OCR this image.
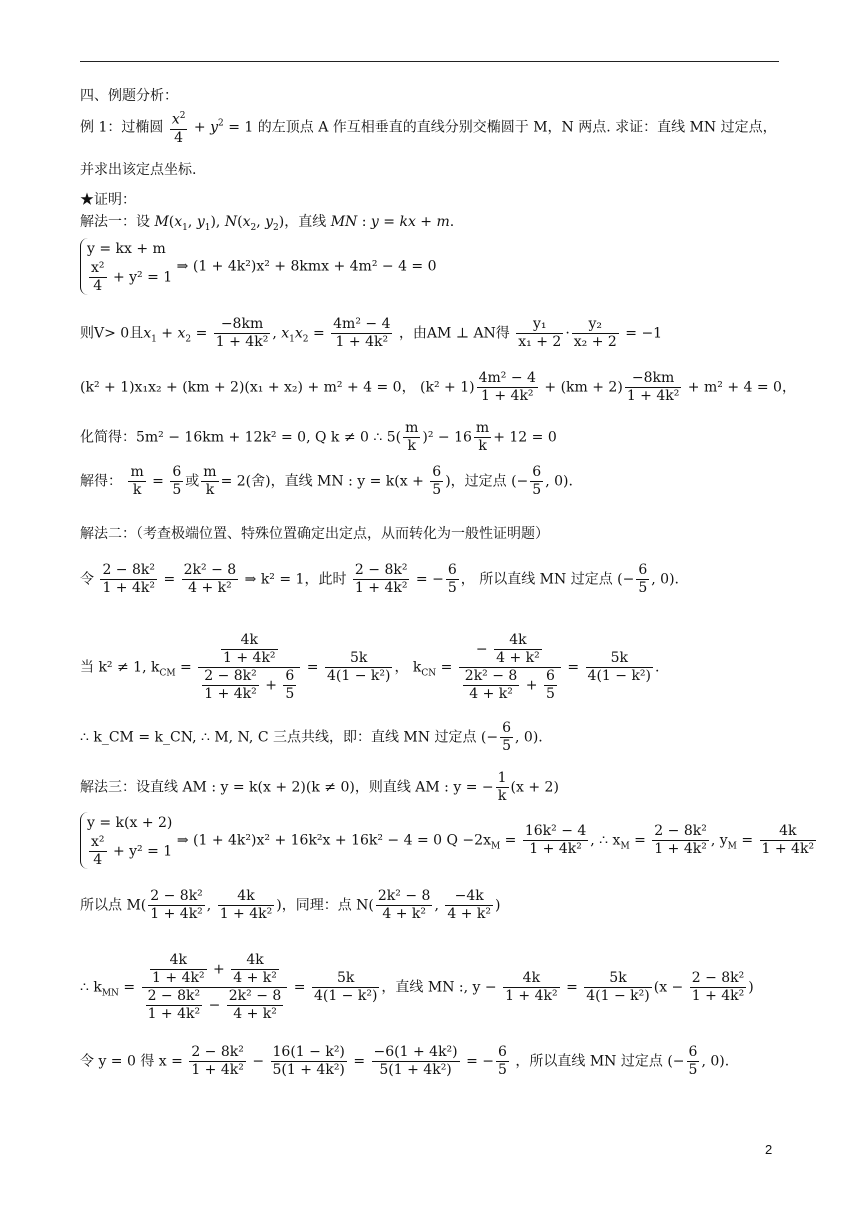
四、例题分析：
例 1：过椭圆 $\frac{x^2}{4} + y^2 = 1$ 的左顶点 A 作互相垂直的直线分别交椭圆于 M，N 两点. 求证：直线 MN 过定点，
并求出该定点坐标.
★证明：
解法一：设 $M(x_1$, $y_1$), $N(x_2$, $y_2$)，直线 MN : y = kx + m.
y = kx + m
$\frac{\text{x²}}{4} + y^2 = 1$
⇒ (1 + 4k²)x² + 8kmx + 4m² − 4 = 0
则V> 0且$x_1 + x_2 = \frac{-8km}{\text{1 + 4k²}}$ , $x_1x_2 = \frac{\text{4m² − 4}}{\text{1 + 4k²}}$ ，由AM ⊥ AN得 $\frac{\text{y₁}}{\text{x₁ + 2}} \cdot \frac{\text{y₂}}{\text{x₂ + 2}} = -1$
(k² + 1)x₁x₂ + (km + 2)(x₁ + x₂) + m² + 4 = 0， $(k^2 + 1) \frac{\text{4m² − 4}}{\text{1 + 4k²}} + (km + 2) \frac{-8km}{\text{1 + 4k²}} + m^2 + 4 = 0$，
化简得：5m² − 16km + 12k² = 0, Q k ≠ 0 ∴ $5( \frac{m}{k} )^2 - 16 \frac{m}{k} + 12 = 0$
解得： $\frac{m}{k} = \frac{6}{5}$ 或 $\frac{m}{k} = 2$(舍)，直线 MN : $y = k(x + \frac{6}{5}$ )，过定点 (− $\frac{6}{5}$ , 0).
解法二：（考查极端位置、特殊位置确定出定点，从而转化为一般性证明题）
令 $\frac{\text{2 − 8k²}}{\text{1 + 4k²}} = \frac{\text{2k² − 8}}{\text{4 + k²}}$ ⇒ k² = 1，此时 $\frac{\text{2 − 8k²}}{\text{1 + 4k²}}$ = − $\frac{6}{5}$ ， 所以直线 MN 过定点 (− $\frac{6}{5}$ , 0).
当 k² ≠ 1, $k_{CM} = \frac{\frac{4k}{\text{1 + 4k²}}}{\frac{\text{2 − 8k²}}{\text{1 + 4k²}} + \frac{6}{5}} = \frac{5k}{\text{4(1 − k²)}}$ ， $k_{CN} = \frac{- \frac{4k}{\text{4 + k²}}}{\frac{\text{2k² − 8}}{\text{4 + k²}} + \frac{6}{5}} = \frac{5k}{\text{4(1 − k²)}}$ .
∴ k_CM = k_CN, ∴ M, N, C 三点共线，即：直线 MN 过定点 (− $\frac{6}{5}$ , 0).
解法三：设直线 AM : y = k(x + 2)(k ≠ 0)，则直线 AM : y = − $\frac{1}{k} (x + 2)$
y = k(x + 2)
$\frac{\text{x²}}{4} + y^2 = 1$
⇒ (1 + 4k²)x² + 16k²x + 16k² − 4 = 0 $Q -2x_M = \frac{\text{16k² − 4}}{\text{1 + 4k²}}$ , ∴ $x_M = \frac{\text{2 − 8k²}}{\text{1 + 4k²}}$ , $y_M = \frac{4k}{\text{1 + 4k²}}$
所以点 $M( \frac{\text{2 − 8k²}}{\text{1 + 4k²}}$ , $\frac{4k}{\text{1 + 4k²}}$ )，同理：点 $N( \frac{\text{2k² − 8}}{\text{4 + k²}}$ , $\frac{-4k}{\text{4 + k²}}$ )
∴ $k_{MN} = \frac{\frac{4k}{\text{1 + 4k²}} + \frac{4k}{\text{4 + k²}}}{\frac{\text{2 − 8k²}}{\text{1 + 4k²}} - \frac{\text{2k² − 8}}{\text{4 + k²}}} = \frac{5k}{\text{4(1 − k²)}}$ ，直线 MN :, $y - \frac{4k}{\text{1 + 4k²}} = \frac{5k}{\text{4(1 − k²)}} (x - \frac{\text{2 − 8k²}}{\text{1 + 4k²}}$ )
令 y = 0 得 $x = \frac{\text{2 − 8k²}}{\text{1 + 4k²}} - \frac{\text{16(1 − k²)}}{\text{5(1 + 4k²)}} = \frac{\text{−6(1 + 4k²)}}{\text{5(1 + 4k²)}}$ = − $\frac{6}{5}$ ，所以直线 MN 过定点 (− $\frac{6}{5}$ , 0).
2
